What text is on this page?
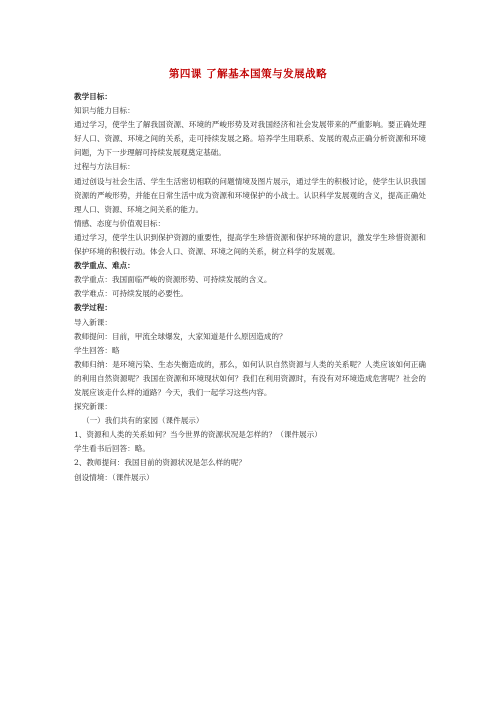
第四课 了解基本国策与发展战略
教学目标：
知识与能力目标：
通过学习，使学生了解我国资源、环境的严峻形势及对我国经济和社会发展带来的严重影响。要正确处理好人口、资源、环境之间的关系，走可持续发展之路。培养学生用联系、发展的观点正确分析资源和环境问题，为下一步理解可持续发展观奠定基础。
过程与方法目标：
通过创设与社会生活、学生生活密切相联的问题情境及图片展示，通过学生的积极讨论，使学生认识我国资源的严峻形势，并能在日常生活中成为资源和环境保护的小战士。认识科学发展观的含义，提高正确处理人口、资源、环境之间关系的能力。
情感、态度与价值观目标：
通过学习，使学生认识到保护资源的重要性，提高学生珍惜资源和保护环境的意识，激发学生珍惜资源和保护环境的积极行动。体会人口、资源、环境之间的关系，树立科学的发展观。
教学重点、难点：
教学重点：我国面临严峻的资源形势、可持续发展的含义。
教学难点：可持续发展的必要性。
教学过程：
导入新课：
教师提问：目前，甲流全球爆发，大家知道是什么原因造成的？
学生回答：略
教师归纳：是环境污染、生态失衡造成的，那么，如何认识自然资源与人类的关系呢？人类应该如何正确的利用自然资源呢？我国在资源和环境现状如何？我们在利用资源时，有没有对环境造成危害呢？社会的发展应该走什么样的道路？今天，我们一起学习这些内容。
探究新课：
（一）我们共有的家园（课件展示）
1、资源和人类的关系如何？当今世界的资源状况是怎样的？（课件展示）
学生看书后回答：略。
2、教师提问：我国目前的资源状况是怎么样的呢？
创设情境：（课件展示）
